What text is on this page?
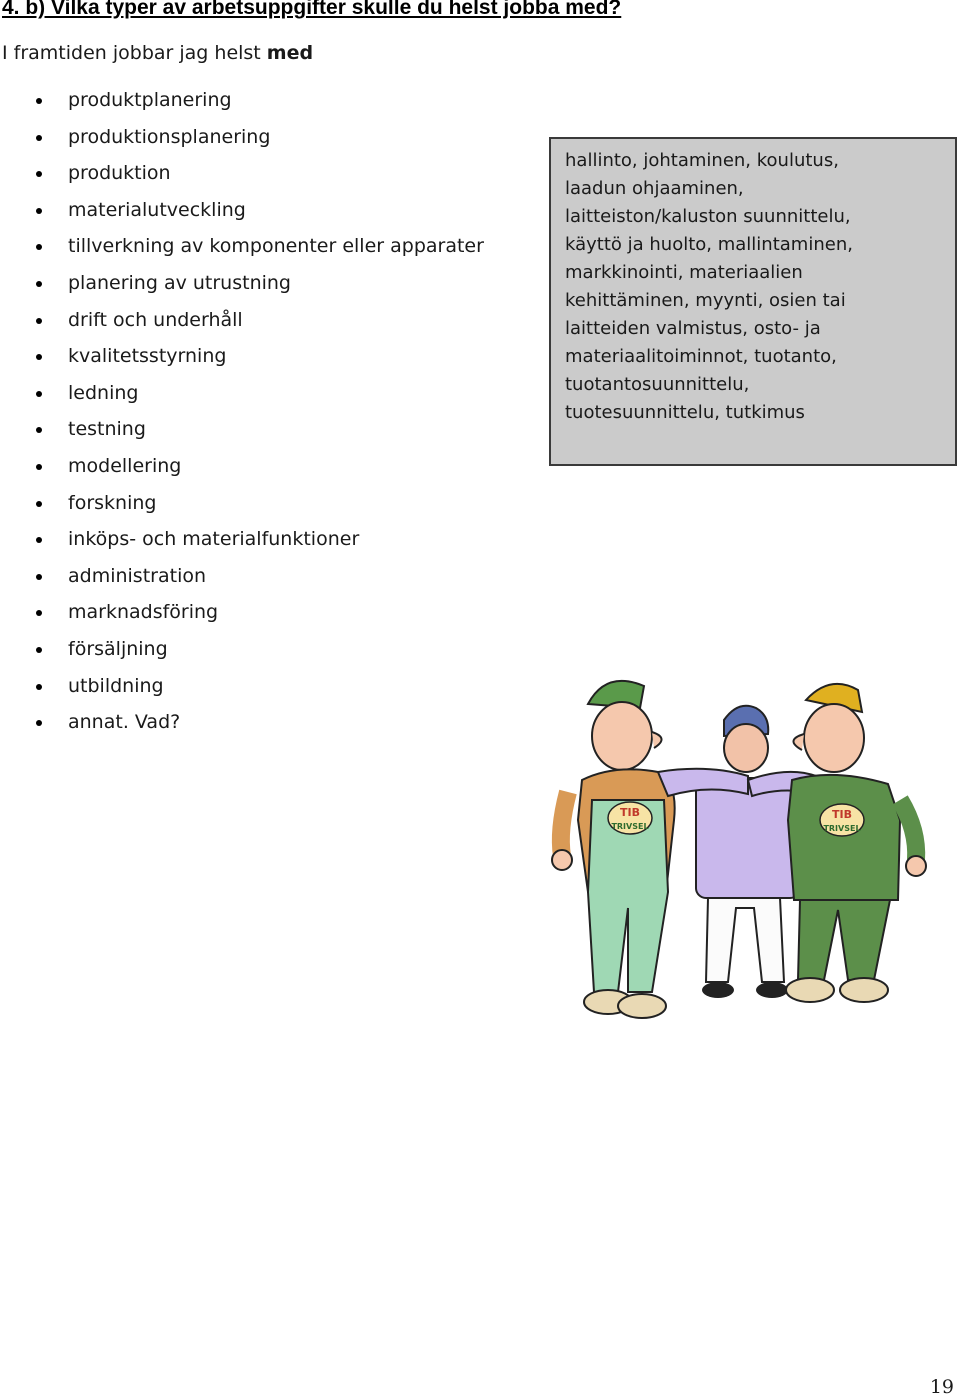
4. b) Vilka typer av arbetsuppgifter skulle du helst jobba med?
I framtiden jobbar jag helst med
produktplanering
produktionsplanering
produktion
materialutveckling
tillverkning av komponenter eller apparater
planering av utrustning
drift och underhåll
kvalitetsstyrning
ledning
testning
modellering
forskning
inköps- och materialfunktioner
administration
marknadsföring
försäljning
utbildning
annat. Vad?
hallinto, johtaminen, koulutus,
laadun ohjaaminen,
laitteiston/kaluston suunnittelu,
käyttö ja huolto, mallintaminen,
markkinointi, materiaalien
kehittäminen, myynti, osien tai
laitteiden valmistus, osto- ja
materiaalitoiminnot, tuotanto,
tuotantosuunnittelu,
tuotesuunnittelu, tutkimus
TIB
TRIVSEL
TIB
TRIVSEL
19
